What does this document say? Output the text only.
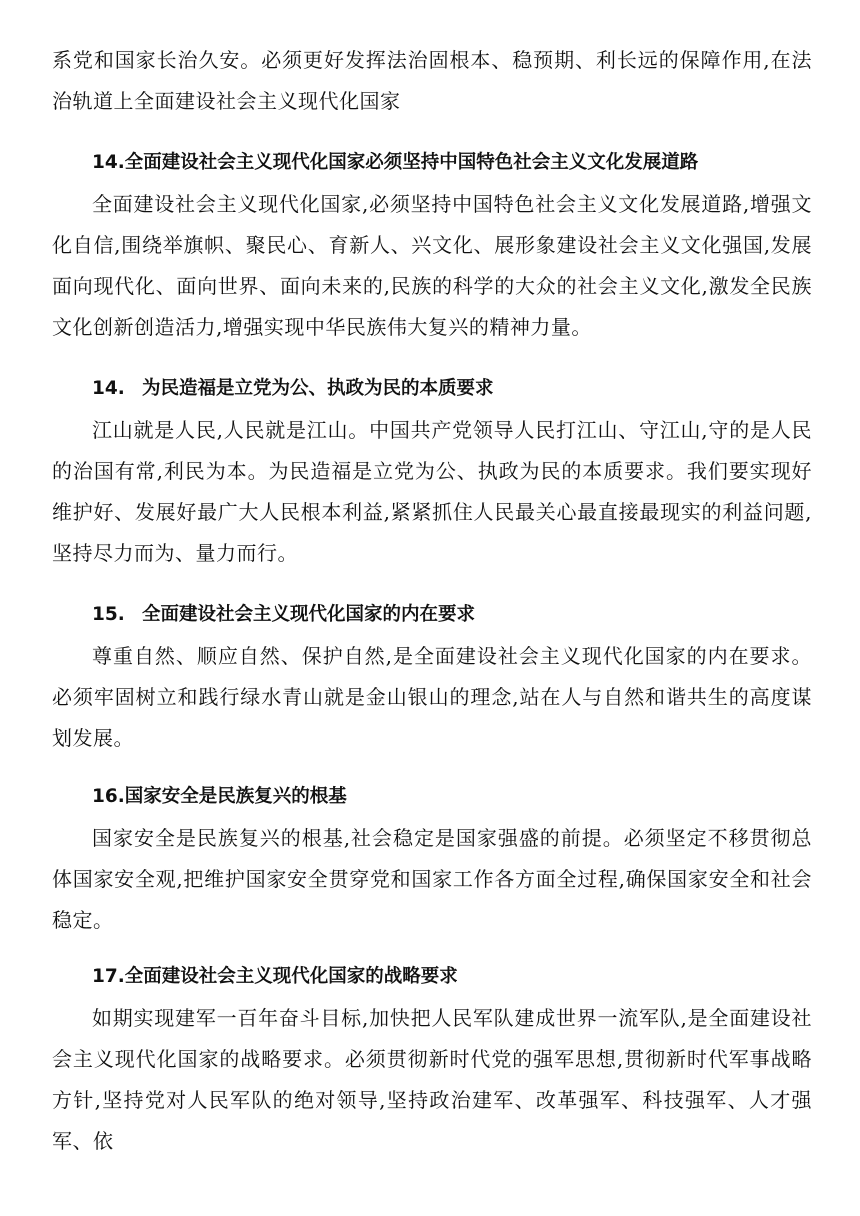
系党和国家长治久安。必须更好发挥法治固根本、稳预期、利长远的保障作用,在法治轨道上全面建设社会主义现代化国家

14.全面建设社会主义现代化国家必须坚持中国特色社会主义文化发展道路

全面建设社会主义现代化国家,必须坚持中国特色社会主义文化发展道路,增强文化自信,围绕举旗帜、聚民心、育新人、兴文化、展形象建设社会主义文化强国,发展面向现代化、面向世界、面向未来的,民族的科学的大众的社会主义文化,激发全民族文化创新创造活力,增强实现中华民族伟大复兴的精神力量。

14. 为民造福是立党为公、执政为民的本质要求

江山就是人民,人民就是江山。中国共产党领导人民打江山、守江山,守的是人民的治国有常,利民为本。为民造福是立党为公、执政为民的本质要求。我们要实现好维护好、发展好最广大人民根本利益,紧紧抓住人民最关心最直接最现实的利益问题,坚持尽力而为、量力而行。

15. 全面建设社会主义现代化国家的内在要求

尊重自然、顺应自然、保护自然,是全面建设社会主义现代化国家的内在要求。必须牢固树立和践行绿水青山就是金山银山的理念,站在人与自然和谐共生的高度谋划发展。

16.国家安全是民族复兴的根基

国家安全是民族复兴的根基,社会稳定是国家强盛的前提。必须坚定不移贯彻总体国家安全观,把维护国家安全贯穿党和国家工作各方面全过程,确保国家安全和社会稳定。

17.全面建设社会主义现代化国家的战略要求

如期实现建军一百年奋斗目标,加快把人民军队建成世界一流军队,是全面建设社会主义现代化国家的战略要求。必须贯彻新时代党的强军思想,贯彻新时代军事战略方针,坚持党对人民军队的绝对领导,坚持政治建军、改革强军、科技强军、人才强军、依
